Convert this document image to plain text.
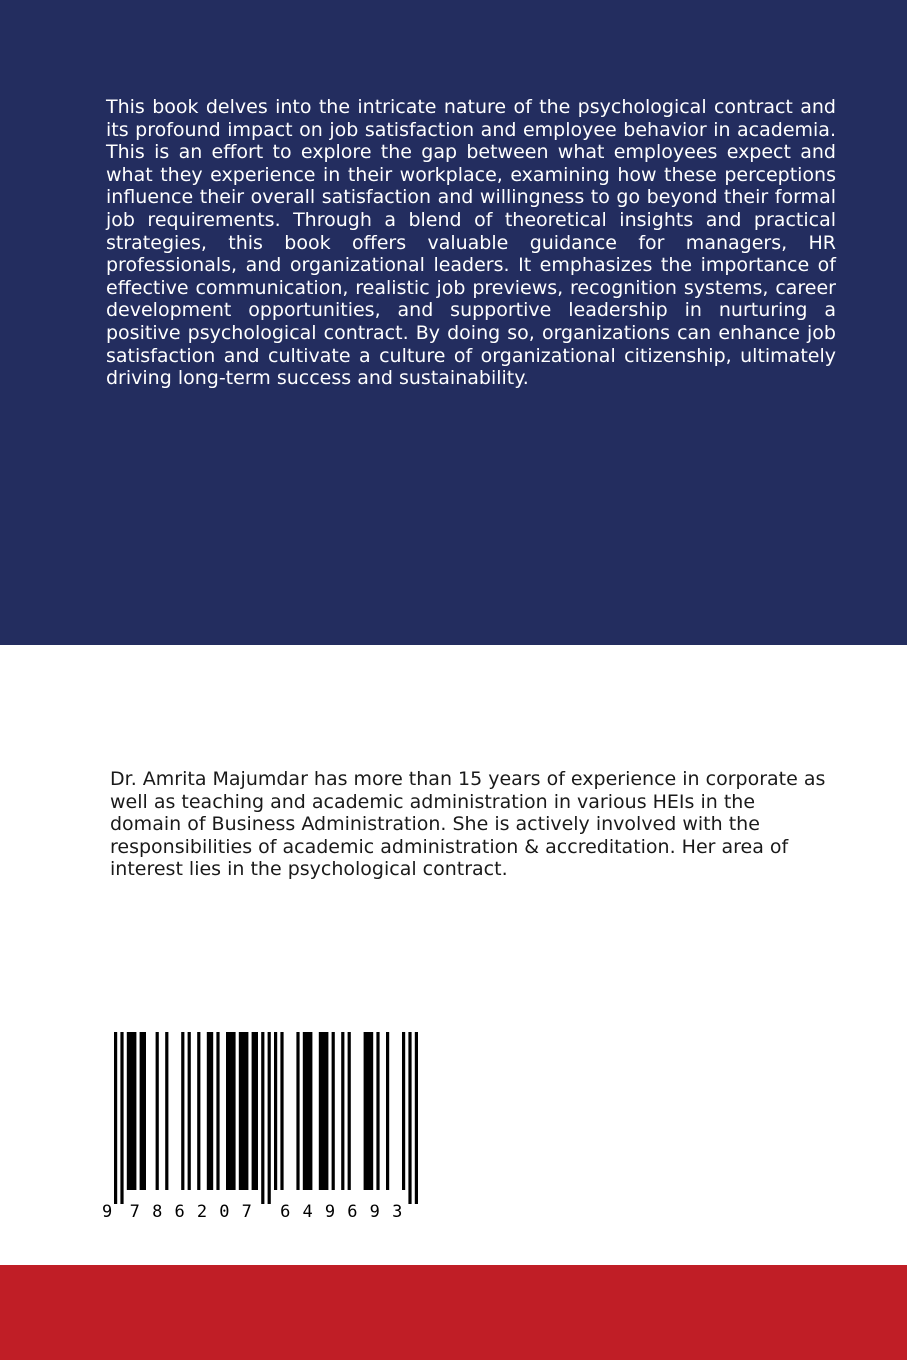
This book delves into the intricate nature of the psychological contract and its profound impact on job satisfaction and employee behavior in academia. This is an effort to explore the gap between what employees expect and what they experience in their workplace, examining how these perceptions influence their overall satisfaction and willingness to go beyond their formal job requirements. Through a blend of theoretical insights and practical strategies, this book offers valuable guidance for managers, HR professionals, and organizational leaders. It emphasizes the importance of effective communication, realistic job previews, recognition systems, career development opportunities, and supportive leadership in nurturing a positive psychological contract. By doing so, organizations can enhance job satisfaction and cultivate a culture of organizational citizenship, ultimately driving long-term success and sustainability.

Dr. Amrita Majumdar has more than 15 years of experience in corporate as well as teaching and academic administration in various HEIs in the domain of Business Administration. She is actively involved with the responsibilities of academic administration & accreditation. Her area of interest lies in the psychological contract.

9 7 8 6 2 0 7 6 4 9 6 9 3
